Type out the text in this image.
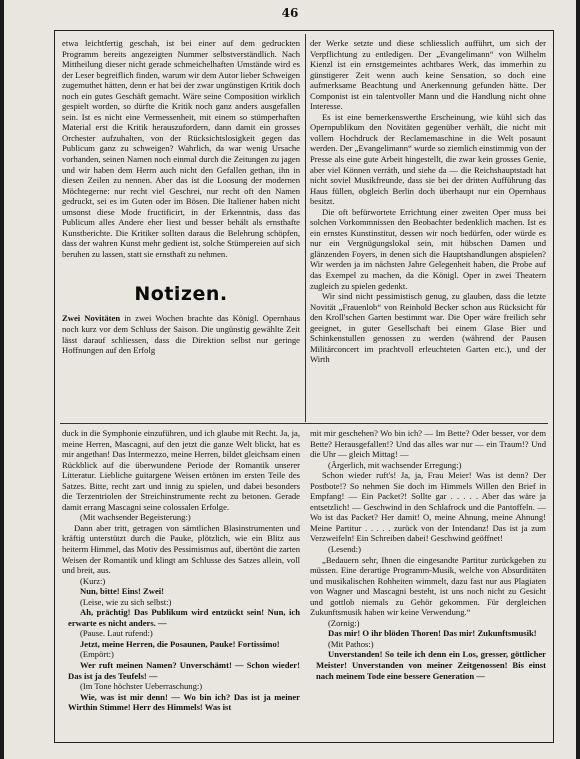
46

etwa leichtfertig geschah, ist bei einer auf dem gedruckten Programm bereits angezeigten Nummer selbstverständlich. Nach Mittheilung dieser nicht gerade schmeichelhaften Umstände wird es der Leser begreiflich finden, warum wir dem Autor lieber Schweigen zugemuthet hätten, denn er hat bei der zwar ungünstigen Kritik doch noch ein gutes Geschäft gemacht. Wäre seine Composition wirklich gespielt worden, so dürfte die Kritik noch ganz anders ausgefallen sein. Ist es nicht eine Vermessenheit, mit einem so stümperhaften Material erst die Kritik herauszufordern, dann damit ein grosses Orchester aufzuhalten, von der Rücksichtslosigkeit gegen das Publicum ganz zu schweigen? Wahrlich, da war wenig Ursache vorhanden, seinen Namen noch einmal durch die Zeitungen zu jagen und wir haben dem Herrn auch nicht den Gefallen gethan, ihn in diesen Zeilen zu nennen. Aber das ist die Loosung der modernen Möchtegerne: nur recht viel Geschrei, nur recht oft den Namen gedruckt, sei es im Guten oder im Bösen. Die Italiener haben nicht umsonst diese Mode fructificirt, in der Erkenntnis, dass das Publicum alles Andere eher liest und besser behält als ernsthafte Kunstberichte. Die Kritiker sollten daraus die Belehrung schöpfen, dass der wahren Kunst mehr gedient ist, solche Stümpereien auf sich beruhen zu lassen, statt sie ernsthaft zu nehmen.

Notizen.

Zwei Novitäten in zwei Wochen brachte das Königl. Opernhaus noch kurz vor dem Schluss der Saison. Die ungünstig gewählte Zeit lässt darauf schliessen, dass die Direktion selbst nur geringe Hoffnungen auf den Erfolg

der Werke setzte und diese schliesslich aufführt, um sich der Verpflichtung zu entledigen. Der „Evangelimann“ von Wilhelm Kienzl ist ein ernstgemeintes achtbares Werk, das immerhin zu günstigerer Zeit wenn auch keine Sensation, so doch eine aufmerksame Beachtung und Anerkennung gefunden hätte. Der Componist ist ein talentvoller Mann und die Handlung nicht ohne Interesse.

Es ist eine bemerkenswerthe Erscheinung, wie kühl sich das Opernpublikum den Novitäten gegenüber verhält, die nicht mit vollem Hochdruck der Reclamemaschine in die Welt posaunt werden. Der „Evangelimann“ wurde so ziemlich einstimmig von der Presse als eine gute Arbeit hingestellt, die zwar kein grosses Genie, aber viel Können verräth, und siehe da — die Reichshauptstadt hat nicht soviel Musikfreunde, dass sie bei der dritten Aufführung das Haus füllen, obgleich Berlin doch überhaupt nur ein Opernhaus besitzt.

Die oft befürwortete Errichtung einer zweiten Oper muss bei solchen Vorkommnissen den Beobachter bedenklich machen. Ist es ein ernstes Kunstinstitut, dessen wir noch bedürfen, oder würde es nur ein Vergnügungslokal sein, mit hübschen Damen und glänzenden Foyers, in denen sich die Hauptshandlungen abspielen? Wir werden ja im nächsten Jahre Gelegenheit haben, die Probe auf das Exempel zu machen, da die Königl. Oper in zwei Theatern zugleich zu spielen gedenkt.

Wir sind nicht pessimistisch genug, zu glauben, dass die letzte Novität „Frauenlob“ von Reinhold Becker schon aus Rücksicht für den Kroll'schen Garten bestimmt war. Die Oper wäre freilich sehr geeignet, in guter Gesellschaft bei einem Glase Bier und Schinkenstullen genossen zu werden (während der Pausen Militärconcert im prachtvoll erleuchteten Garten etc.), und der Wirth

duck in die Symphonie einzuführen, und ich glaube mit Recht. Ja, ja, meine Herren, Mascagni, auf den jetzt die ganze Welt blickt, hat es mir angethan! Das Intermezzo, meine Herren, bildet gleichsam einen Rückblick auf die überwundene Periode der Romantik unserer Litteratur. Liebliche guitargene Weisen ertönen im ersten Teile des Satzes. Bitte, recht zart und innig zu spielen, und dabei besonders die Terzentriolen der Streichinstrumente recht zu betonen. Gerade damit errang Mascagni seine colossalen Erfolge.

(Mit wachsender Begeisterung:)

Dann aber tritt, getragen von sämtlichen Blasinstrumenten und kräftig unterstützt durch die Pauke, plötzlich, wie ein Blitz aus heiterm Himmel, das Motiv des Pessimismus auf, übertönt die zarten Weisen der Romantik und klingt am Schlusse des Satzes allein, voll und breit, aus.

(Kurz:)

Nun, bitte! Eins! Zwei!

(Leise, wie zu sich selbst:)

Ah, prächtig! Das Publikum wird entzückt sein! Nun, ich erwarte es nicht anders. —

(Pause. Laut rufend:)

Jetzt, meine Herren, die Posaunen, Pauke! Fortissimo!

(Empört:)

Wer ruft meinen Namen? Unverschämt! — Schon wieder! Das ist ja des Teufels! —

(Im Tone höchster Ueberraschung:)

Wie, was ist mir denn! — Wo bin ich? Das ist ja meiner Wirthin Stimme! Herr des Himmels! Was ist

mit mir geschehen? Wo bin ich? — Im Bette? Oder besser, vor dem Bette? Herausgefallen!? Und das alles war nur — ein Traum!? Und die Uhr — gleich Mittag! —

(Ärgerlich, mit wachsender Erregung:)

Schon wieder ruft's! Ja, ja, Frau Meier! Was ist denn? Der Postbote!? So nehmen Sie doch im Himmels Willen den Brief in Empfang! — Ein Packet?! Sollte gar . . . . . Aber das wäre ja entsetzlich! — Geschwind in den Schlafrock und die Pantoffeln. — Wo ist das Packet? Her damit! O, meine Ahnung, meine Ahnung! Meine Partitur . . . . . zurück von der Intendanz! Das ist ja zum Verzweifeln! Ein Schreiben dabei! Geschwind geöffnet!

(Lesend:)

„Bedauern sehr, Ihnen die eingesandte Partitur zurückgeben zu müssen. Eine derartige Programm-Musik, welche von Absurditäten und musikalischen Rohheiten wimmelt, dazu fast nur aus Plagiaten von Wagner und Mascagni besteht, ist uns noch nicht zu Gesicht und gottlob niemals zu Gehör gekommen. Für dergleichen Zukunftsmusik haben wir keine Verwendung.“

(Zornig:)

Das mir! O ihr blöden Thoren! Das mir! Zukunftsmusik!

(Mit Pathos:)

Unverstanden! So teile ich denn ein Los, gresser, göttlicher Meister! Unverstanden von meiner Zeitgenossen! Bis einst nach meinem Tode eine bessere Generation —
